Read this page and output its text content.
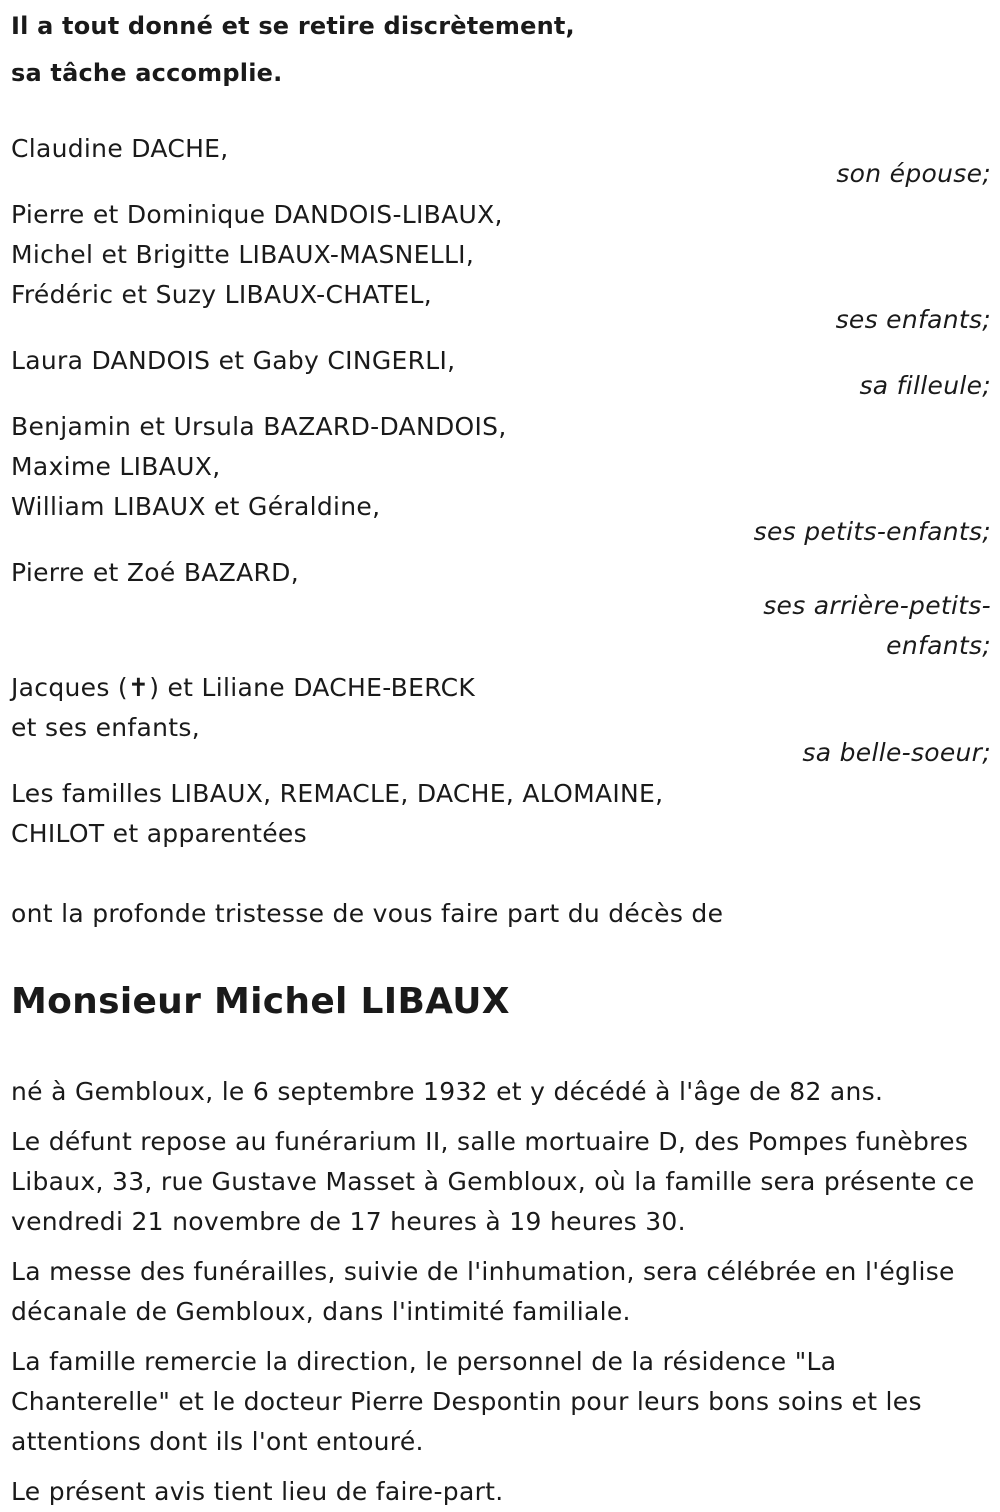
Il a tout donné et se retire discrètement,
sa tâche accomplie.
Claudine DACHE,
son épouse;
Pierre et Dominique DANDOIS-LIBAUX,
Michel et Brigitte LIBAUX-MASNELLI,
Frédéric et Suzy LIBAUX-CHATEL,
ses enfants;
Laura DANDOIS et Gaby CINGERLI,
sa filleule;
Benjamin et Ursula BAZARD-DANDOIS,
Maxime LIBAUX,
William LIBAUX et Géraldine,
ses petits-enfants;
Pierre et Zoé BAZARD,
ses arrière-petits-enfants;
Jacques (✝) et Liliane DACHE-BERCK
et ses enfants,
sa belle-soeur;
Les familles LIBAUX, REMACLE, DACHE, ALOMAINE,
CHILOT et apparentées
ont la profonde tristesse de vous faire part du décès de
Monsieur Michel LIBAUX

né à Gembloux, le 6 septembre 1932 et y décédé à l'âge de 82 ans.

Le défunt repose au funérarium II, salle mortuaire D, des Pompes funèbres Libaux, 33, rue Gustave Masset à Gembloux, où la famille sera présente ce vendredi 21 novembre de 17 heures à 19 heures 30.

La messe des funérailles, suivie de l'inhumation, sera célébrée en l'église décanale de Gembloux, dans l'intimité familiale.

La famille remercie la direction, le personnel de la résidence "La Chanterelle" et le docteur Pierre Despontin pour leurs bons soins et les attentions dont ils l'ont entouré.

Le présent avis tient lieu de faire-part.
